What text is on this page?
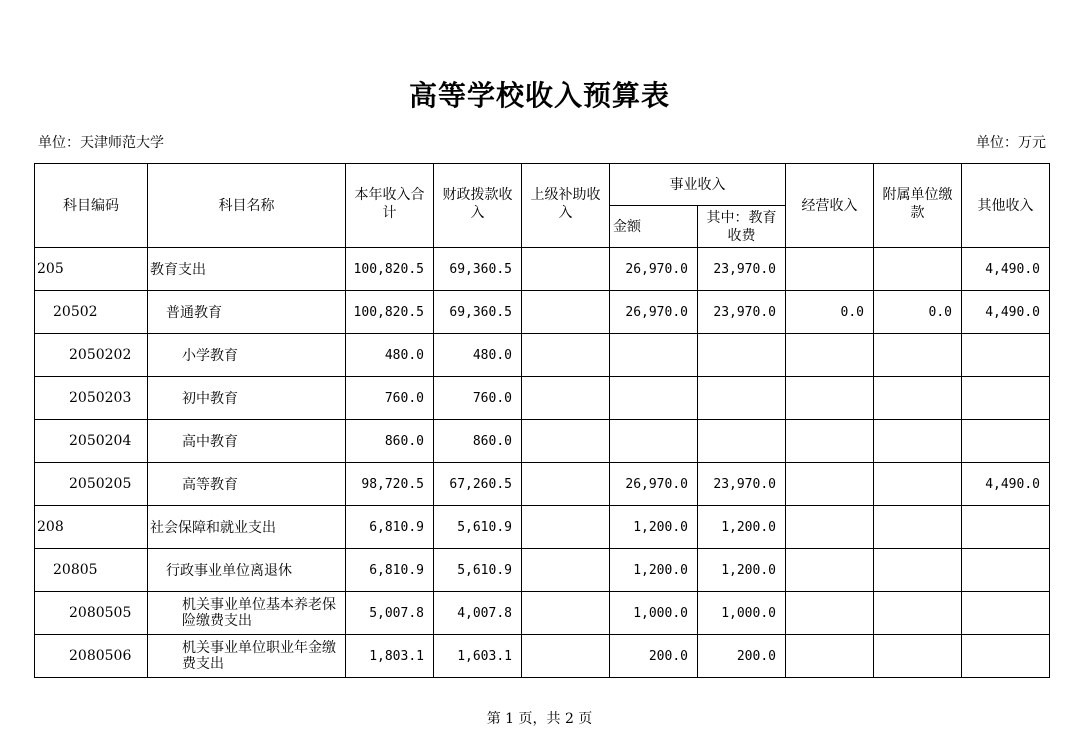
高等学校收入预算表
单位：天津师范大学	单位：万元
科目编码	科目名称	本年收入合计	财政拨款收入	上级补助收入	事业收入		经营收入	附属单位缴款	其他收入
					金额	其中：教育收费			
205	教育支出	100,820.5	69,360.5		26,970.0	23,970.0			4,490.0
20502	普通教育	100,820.5	69,360.5		26,970.0	23,970.0	0.0	0.0	4,490.0
2050202	小学教育	480.0	480.0						
2050203	初中教育	760.0	760.0						
2050204	高中教育	860.0	860.0						
2050205	高等教育	98,720.5	67,260.5		26,970.0	23,970.0			4,490.0
208	社会保障和就业支出	6,810.9	5,610.9		1,200.0	1,200.0			
20805	行政事业单位离退休	6,810.9	5,610.9		1,200.0	1,200.0			
2080505	机关事业单位基本养老保险缴费支出	5,007.8	4,007.8		1,000.0	1,000.0			
2080506	机关事业单位职业年金缴费支出	1,803.1	1,603.1		200.0	200.0			
第 1 页，共 2 页
